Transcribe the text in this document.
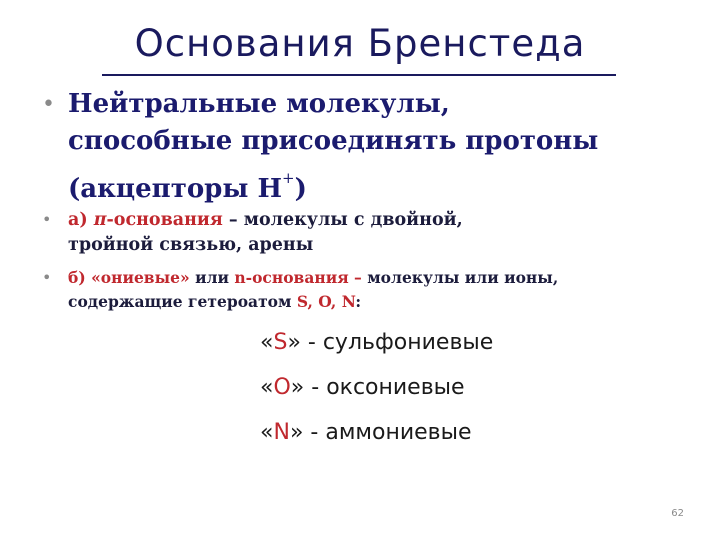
Основания Бренстеда
• Нейтральные молекулы,
способные присоединять протоны
(акцепторы Н+)
• а) π-основания – молекулы с двойной,
тройной связью, арены
• б) «ониевые» или n-основания – молекулы или ионы,
содержащие гетероатом S, O, N:
«S» - сульфониевые
«O» - оксониевые
«N» - аммониевые
62
